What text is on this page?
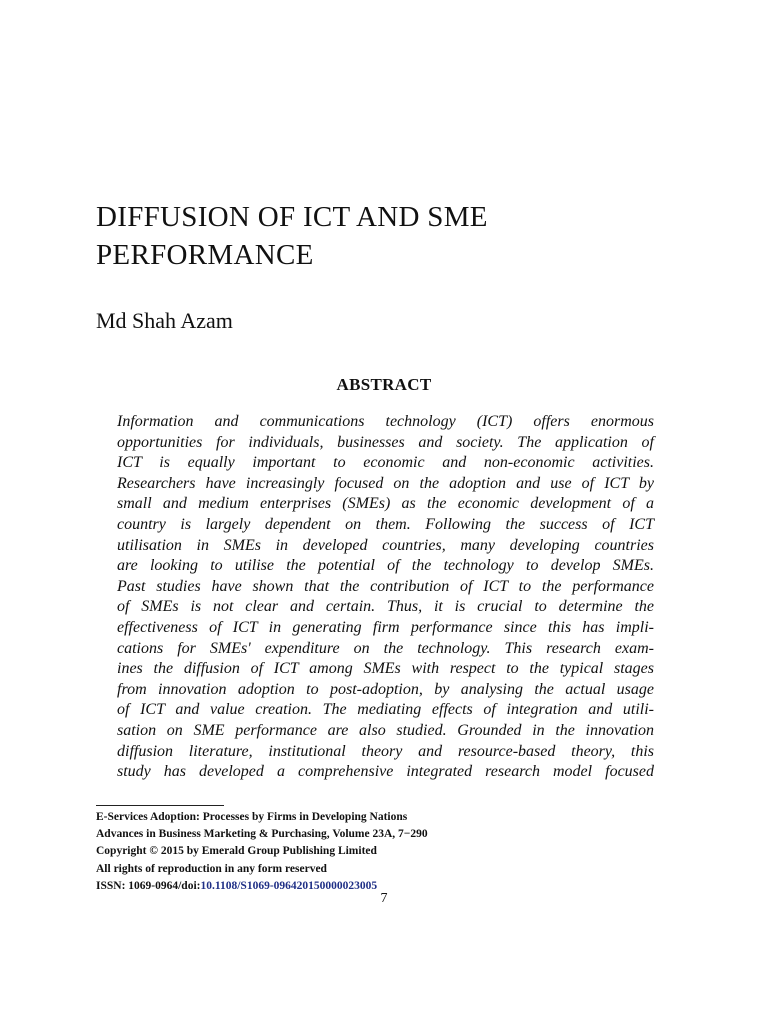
DIFFUSION OF ICT AND SME
PERFORMANCE
Md Shah Azam
ABSTRACT
Information and communications technology (ICT) offers enormous
opportunities for individuals, businesses and society. The application of
ICT is equally important to economic and non-economic activities.
Researchers have increasingly focused on the adoption and use of ICT by
small and medium enterprises (SMEs) as the economic development of a
country is largely dependent on them. Following the success of ICT
utilisation in SMEs in developed countries, many developing countries
are looking to utilise the potential of the technology to develop SMEs.
Past studies have shown that the contribution of ICT to the performance
of SMEs is not clear and certain. Thus, it is crucial to determine the
effectiveness of ICT in generating firm performance since this has impli-
cations for SMEs' expenditure on the technology. This research exam-
ines the diffusion of ICT among SMEs with respect to the typical stages
from innovation adoption to post-adoption, by analysing the actual usage
of ICT and value creation. The mediating effects of integration and utili-
sation on SME performance are also studied. Grounded in the innovation
diffusion literature, institutional theory and resource-based theory, this
study has developed a comprehensive integrated research model focused
E-Services Adoption: Processes by Firms in Developing Nations
Advances in Business Marketing & Purchasing, Volume 23A, 7−290
Copyright © 2015 by Emerald Group Publishing Limited
All rights of reproduction in any form reserved
ISSN: 1069-0964/doi:10.1108/S1069-096420150000023005
7
